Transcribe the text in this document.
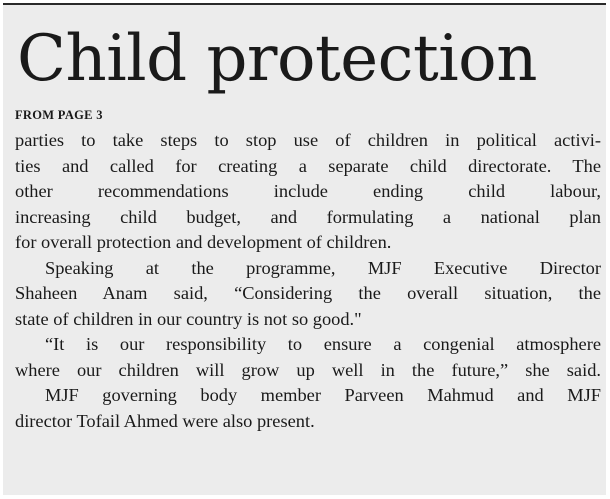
Child protection
FROM PAGE 3
parties to take steps to stop use of children in political activi-
ties and called for creating a separate child directorate. The
other recommendations include ending child labour,
increasing child budget, and formulating a national plan
for overall protection and development of children.
Speaking at the programme, MJF Executive Director
Shaheen Anam said, “Considering the overall situation, the
state of children in our country is not so good."
“It is our responsibility to ensure a congenial atmosphere
where our children will grow up well in the future,” she said.
MJF governing body member Parveen Mahmud and MJF
director Tofail Ahmed were also present.
